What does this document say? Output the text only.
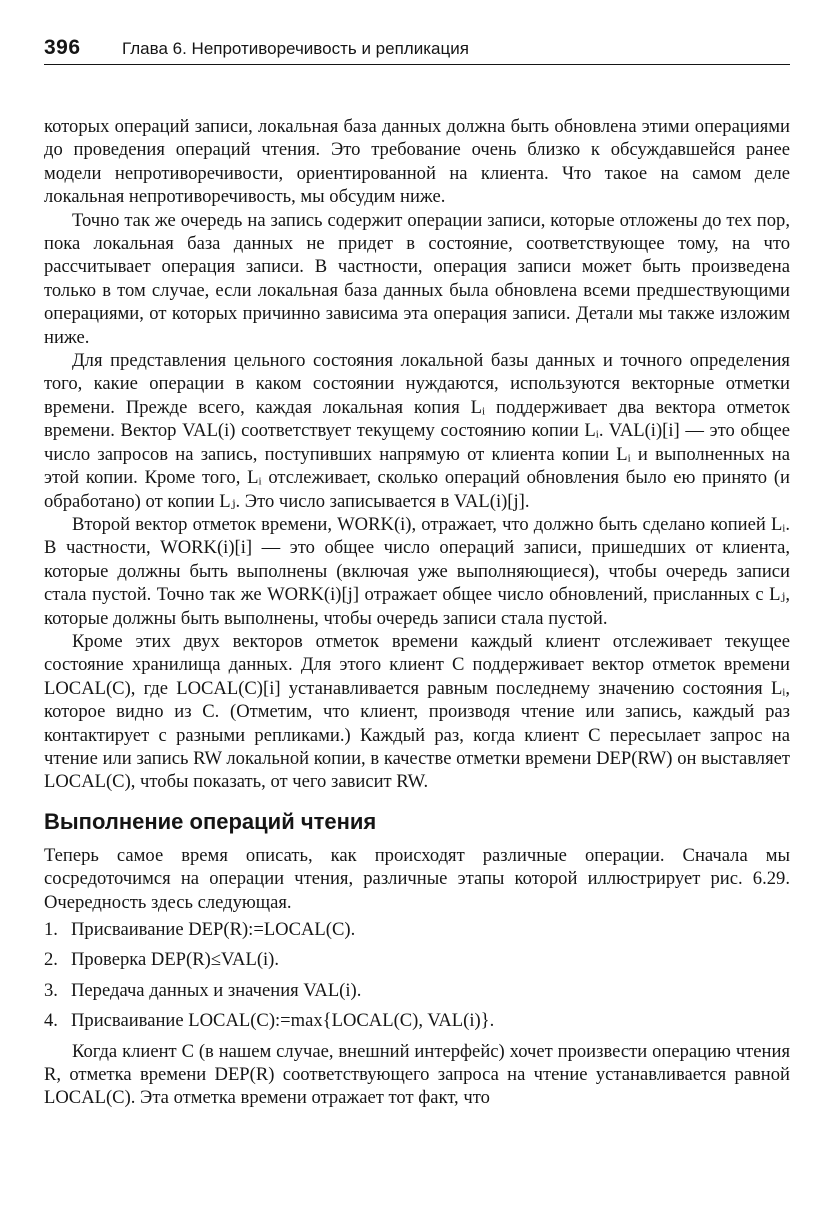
396 Глава 6. Непротиворечивость и репликация

которых операций записи, локальная база данных должна быть обновлена этими операциями до проведения операций чтения. Это требование очень близко к обсуждавшейся ранее модели непротиворечивости, ориентированной на клиента. Что такое на самом деле локальная непротиворечивость, мы обсудим ниже.

Точно так же очередь на запись содержит операции записи, которые отложены до тех пор, пока локальная база данных не придет в состояние, соответствующее тому, на что рассчитывает операция записи. В частности, операция записи может быть произведена только в том случае, если локальная база данных была обновлена всеми предшествующими операциями, от которых причинно зависима эта операция записи. Детали мы также изложим ниже.

Для представления цельного состояния локальной базы данных и точного определения того, какие операции в каком состоянии нуждаются, используются векторные отметки времени. Прежде всего, каждая локальная копия Lᵢ поддерживает два вектора отметок времени. Вектор VAL(i) соответствует текущему состоянию копии Lᵢ. VAL(i)[i] — это общее число запросов на запись, поступивших напрямую от клиента копии Lᵢ и выполненных на этой копии. Кроме того, Lᵢ отслеживает, сколько операций обновления было ею принято (и обработано) от копии Lⱼ. Это число записывается в VAL(i)[j].

Второй вектор отметок времени, WORK(i), отражает, что должно быть сделано копией Lᵢ. В частности, WORK(i)[i] — это общее число операций записи, пришедших от клиента, которые должны быть выполнены (включая уже выполняющиеся), чтобы очередь записи стала пустой. Точно так же WORK(i)[j] отражает общее число обновлений, присланных с Lⱼ, которые должны быть выполнены, чтобы очередь записи стала пустой.

Кроме этих двух векторов отметок времени каждый клиент отслеживает текущее состояние хранилища данных. Для этого клиент C поддерживает вектор отметок времени LOCAL(C), где LOCAL(C)[i] устанавливается равным последнему значению состояния Lᵢ, которое видно из C. (Отметим, что клиент, производя чтение или запись, каждый раз контактирует с разными репликами.) Каждый раз, когда клиент C пересылает запрос на чтение или запись RW локальной копии, в качестве отметки времени DEP(RW) он выставляет LOCAL(C), чтобы показать, от чего зависит RW.

Выполнение операций чтения

Теперь самое время описать, как происходят различные операции. Сначала мы сосредоточимся на операции чтения, различные этапы которой иллюстрирует рис. 6.29. Очередность здесь следующая.

1. Присваивание DEP(R):=LOCAL(C).
2. Проверка DEP(R)≤VAL(i).
3. Передача данных и значения VAL(i).
4. Присваивание LOCAL(C):=max{LOCAL(C), VAL(i)}.

Когда клиент C (в нашем случае, внешний интерфейс) хочет произвести операцию чтения R, отметка времени DEP(R) соответствующего запроса на чтение устанавливается равной LOCAL(C). Эта отметка времени отражает тот факт, что
